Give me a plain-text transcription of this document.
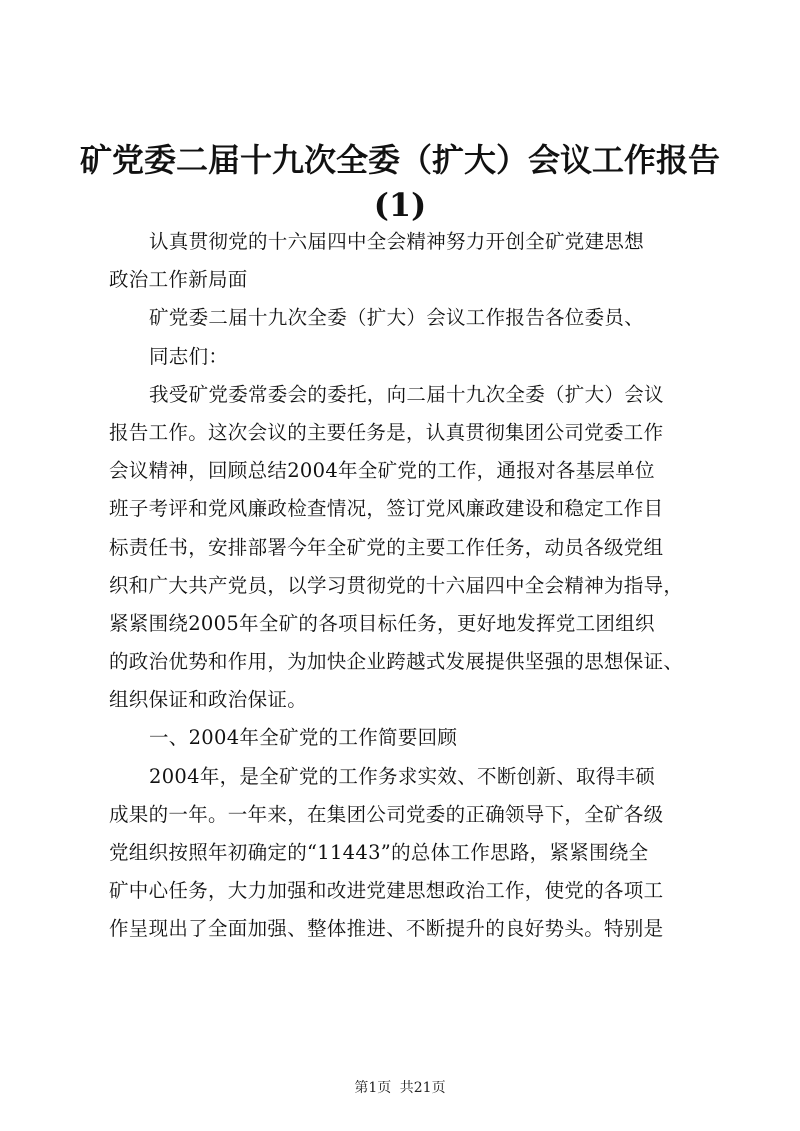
矿党委二届十九次全委（扩大）会议工作报告
(1)
认真贯彻党的十六届四中全会精神努力开创全矿党建思想
政治工作新局面
矿党委二届十九次全委（扩大）会议工作报告各位委员、
同志们：
我受矿党委常委会的委托，向二届十九次全委（扩大）会议
报告工作。这次会议的主要任务是，认真贯彻集团公司党委工作
会议精神，回顾总结2004年全矿党的工作，通报对各基层单位
班子考评和党风廉政检查情况，签订党风廉政建设和稳定工作目
标责任书，安排部署今年全矿党的主要工作任务，动员各级党组
织和广大共产党员，以学习贯彻党的十六届四中全会精神为指导，
紧紧围绕2005年全矿的各项目标任务，更好地发挥党工团组织
的政治优势和作用，为加快企业跨越式发展提供坚强的思想保证、
组织保证和政治保证。
一、2004年全矿党的工作简要回顾
2004年，是全矿党的工作务求实效、不断创新、取得丰硕
成果的一年。一年来，在集团公司党委的正确领导下，全矿各级
党组织按照年初确定的“11443”的总体工作思路，紧紧围绕全
矿中心任务，大力加强和改进党建思想政治工作，使党的各项工
作呈现出了全面加强、整体推进、不断提升的良好势头。特别是
第1页 共21页
